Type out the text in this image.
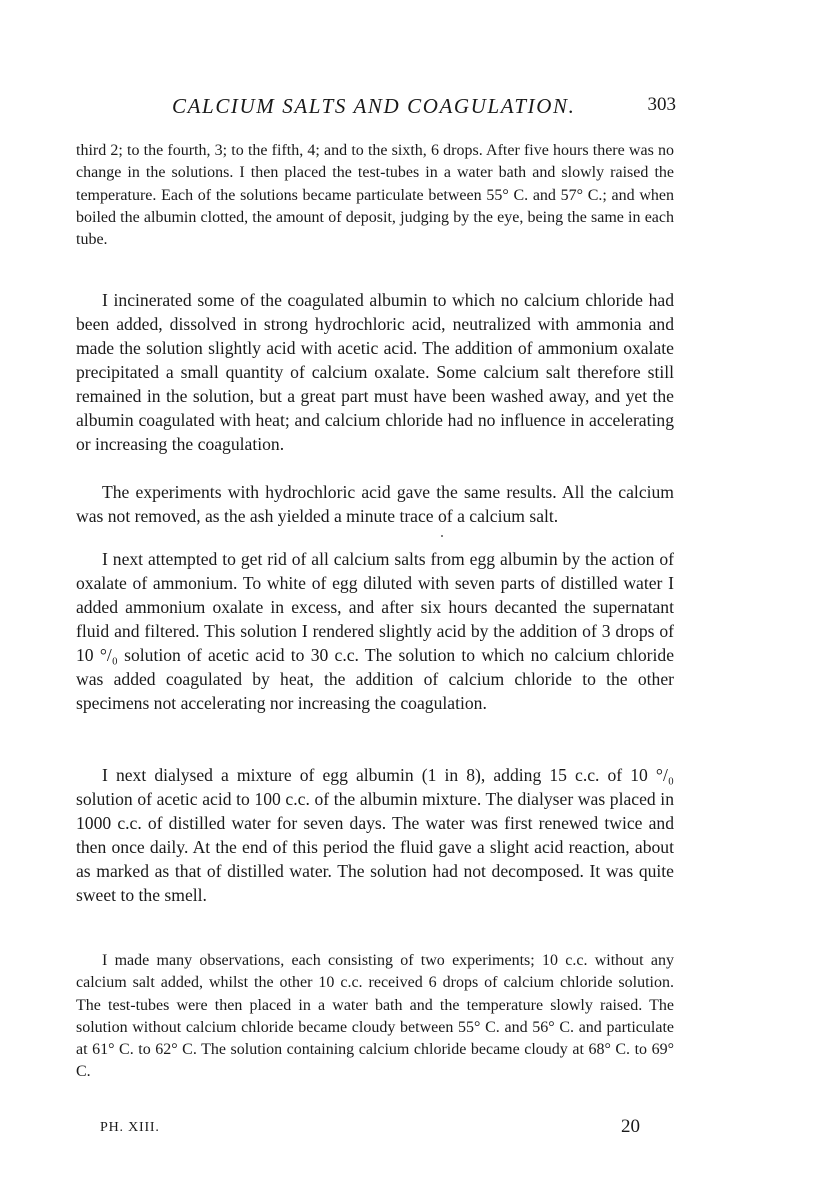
CALCIUM SALTS AND COAGULATION.	303

third 2; to the fourth, 3; to the fifth, 4; and to the sixth, 6 drops. After five hours there was no change in the solutions. I then placed the test-tubes in a water bath and slowly raised the temperature. Each of the solutions became particulate between 55° C. and 57° C.; and when boiled the albumin clotted, the amount of deposit, judging by the eye, being the same in each tube.

I incinerated some of the coagulated albumin to which no calcium chloride had been added, dissolved in strong hydrochloric acid, neutralized with ammonia and made the solution slightly acid with acetic acid. The addition of ammonium oxalate precipitated a small quantity of calcium oxalate. Some calcium salt therefore still remained in the solution, but a great part must have been washed away, and yet the albumin coagulated with heat; and calcium chloride had no influence in accelerating or increasing the coagulation.

The experiments with hydrochloric acid gave the same results. All the calcium was not removed, as the ash yielded a minute trace of a calcium salt.

I next attempted to get rid of all calcium salts from egg albumin by the action of oxalate of ammonium. To white of egg diluted with seven parts of distilled water I added ammonium oxalate in excess, and after six hours decanted the supernatant fluid and filtered. This solution I rendered slightly acid by the addition of 3 drops of 10 °/₀ solution of acetic acid to 30 c.c. The solution to which no calcium chloride was added coagulated by heat, the addition of calcium chloride to the other specimens not accelerating nor increasing the coagulation.

I next dialysed a mixture of egg albumin (1 in 8), adding 15 c.c. of 10 °/₀ solution of acetic acid to 100 c.c. of the albumin mixture. The dialyser was placed in 1000 c.c. of distilled water for seven days. The water was first renewed twice and then once daily. At the end of this period the fluid gave a slight acid reaction, about as marked as that of distilled water. The solution had not decomposed. It was quite sweet to the smell.

I made many observations, each consisting of two experiments; 10 c.c. without any calcium salt added, whilst the other 10 c.c. received 6 drops of calcium chloride solution. The test-tubes were then placed in a water bath and the temperature slowly raised. The solution without calcium chloride became cloudy between 55° C. and 56° C. and particulate at 61° C. to 62° C. The solution containing calcium chloride became cloudy at 68° C. to 69° C.

PH. XIII.	20
